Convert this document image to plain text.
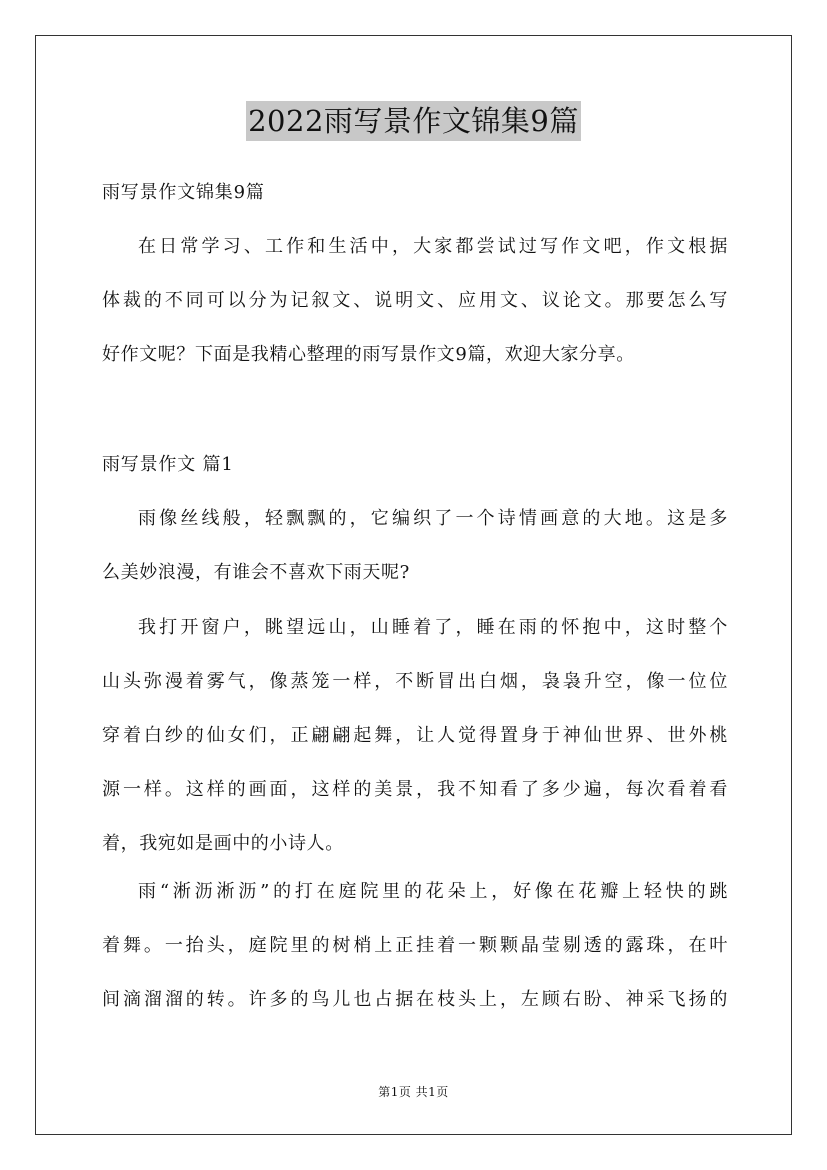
2022雨写景作文锦集9篇
雨写景作文锦集9篇

在日常学习、工作和生活中，大家都尝试过写作文吧，作文根据
体裁的不同可以分为记叙文、说明文、应用文、议论文。那要怎么写
好作文呢？下面是我精心整理的雨写景作文9篇，欢迎大家分享。

雨写景作文 篇1

雨像丝线般，轻飘飘的，它编织了一个诗情画意的大地。这是多
么美妙浪漫，有谁会不喜欢下雨天呢?

我打开窗户，眺望远山，山睡着了，睡在雨的怀抱中，这时整个
山头弥漫着雾气，像蒸笼一样，不断冒出白烟，袅袅升空，像一位位
穿着白纱的仙女们，正翩翩起舞，让人觉得置身于神仙世界、世外桃
源一样。这样的画面，这样的美景，我不知看了多少遍，每次看着看
着，我宛如是画中的小诗人。

雨“淅沥淅沥”的打在庭院里的花朵上，好像在花瓣上轻快的跳
着舞。一抬头，庭院里的树梢上正挂着一颗颗晶莹剔透的露珠，在叶
间滴溜溜的转。许多的鸟儿也占据在枝头上，左顾右盼、神采飞扬的

第1页 共1页
